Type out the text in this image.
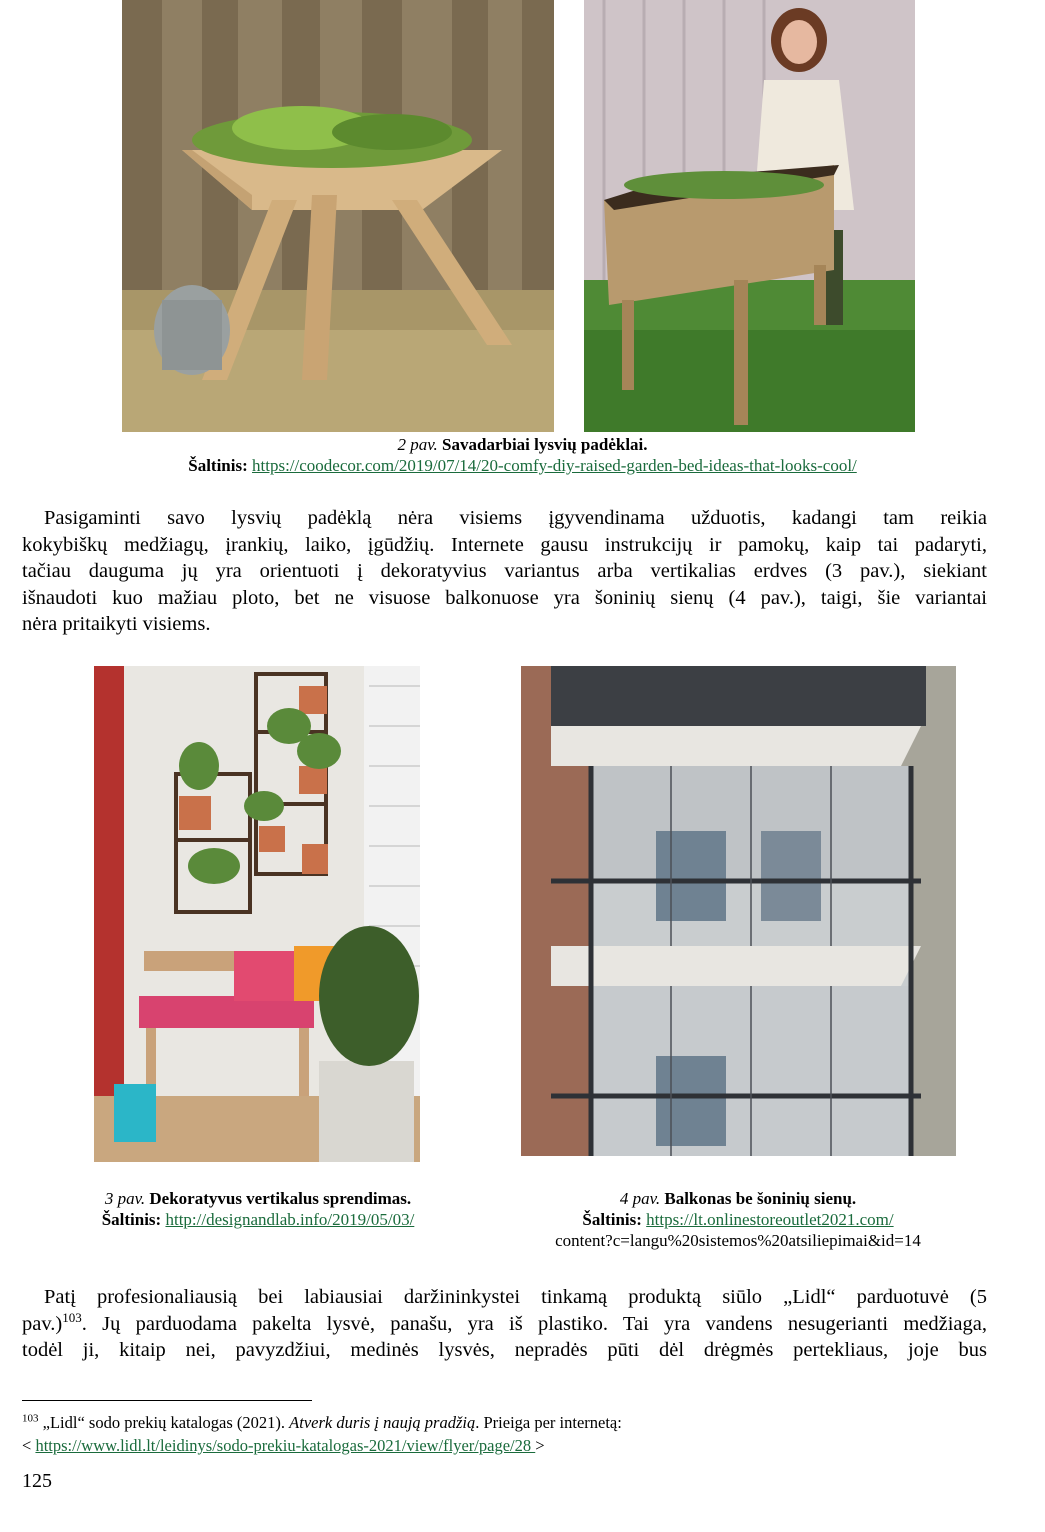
2 pav. Savadarbiai lysvių padėklai.
Šaltinis: https://coodecor.com/2019/07/14/20-comfy-diy-raised-garden-bed-ideas-that-looks-cool/
Pasigaminti savo lysvių padėklą nėra visiems įgyvendinama užduotis, kadangi tam reikia
kokybiškų medžiagų, įrankių, laiko, įgūdžių. Internete gausu instrukcijų ir pamokų, kaip tai padaryti,
tačiau dauguma jų yra orientuoti į dekoratyvius variantus arba vertikalias erdves (3 pav.), siekiant
išnaudoti kuo mažiau ploto, bet ne visuose balkonuose yra šoninių sienų (4 pav.), taigi, šie variantai
nėra pritaikyti visiems.
3 pav. Dekoratyvus vertikalus sprendimas.
Šaltinis: http://designandlab.info/2019/05/03/
4 pav. Balkonas be šoninių sienų.
Šaltinis: https://lt.onlinestoreoutlet2021.com/
content?c=langu%20sistemos%20atsiliepimai&id=14
Patį profesionaliausią bei labiausiai daržininkystei tinkamą produktą siūlo „Lidl“ parduotuvė (5
pav.)$^{103}$. Jų parduodama pakelta lysvė, panašu, yra iš plastiko. Tai yra vandens nesugerianti medžiaga,
todėl ji, kitaip nei, pavyzdžiui, medinės lysvės, nepradės pūti dėl drėgmės pertekliaus, joje bus
$^{103}$ „Lidl“ sodo prekių katalogas (2021). Atverk duris į naują pradžią. Prieiga per internetą:
< https://www.lidl.lt/leidinys/sodo-prekiu-katalogas-2021/view/flyer/page/28 >
125
